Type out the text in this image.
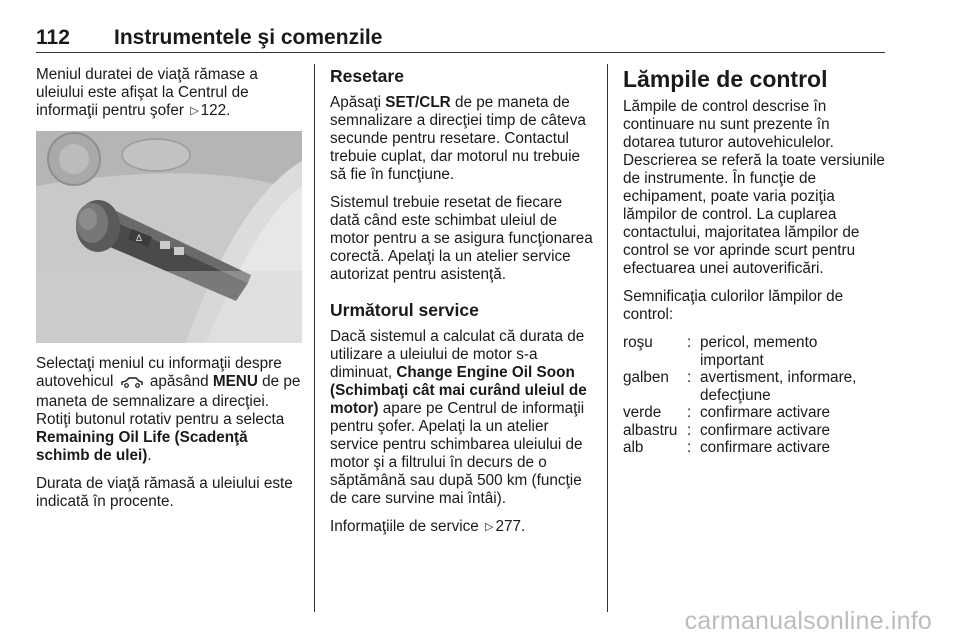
112 Instrumentele şi comenzile

Meniul duratei de viaţă rămase a uleiului este afişat la Centrul de informaţii pentru şofer ▷ 122.

∆

Selectaţi meniul cu informaţii despre autovehicul apăsând MENU de pe maneta de semnalizare a direcţiei. Rotiţi butonul rotativ pentru a selecta Remaining Oil Life (Scadenţă schimb de ulei).

Durata de viaţă rămasă a uleiului este indicată în procente.

Resetare

Apăsaţi SET/CLR de pe maneta de semnalizare a direcţiei timp de câteva secunde pentru resetare. Contactul trebuie cuplat, dar motorul nu trebuie să fie în funcţiune.

Sistemul trebuie resetat de fiecare dată când este schimbat uleiul de motor pentru a se asigura funcţionarea corectă. Apelaţi la un atelier service autorizat pentru asistenţă.

Următorul service

Dacă sistemul a calculat că durata de utilizare a uleiului de motor s-a diminuat, Change Engine Oil Soon (Schimbaţi cât mai curând uleiul de motor) apare pe Centrul de informaţii pentru şofer. Apelaţi la un atelier service pentru schimbarea uleiului de motor şi a filtrului în decurs de o săptămână sau după 500 km (funcţie de care survine mai întâi).

Informaţiile de service ▷ 277.

Lămpile de control

Lămpile de control descrise în continuare nu sunt prezente în dotarea tuturor autovehiculelor. Descrierea se referă la toate versiunile de instrumente. În funcţie de echipament, poate varia poziţia lămpilor de control. La cuplarea contactului, majoritatea lămpilor de control se vor aprinde scurt pentru efectuarea unei autoverificări.

Semnificaţia culorilor lămpilor de control:

roşu	:	pericol, memento important
galben	:	avertisment, informare, defecţiune
verde	:	confirmare activare
albastru	:	confirmare activare
alb	:	confirmare activare
carmanualsonline.info
